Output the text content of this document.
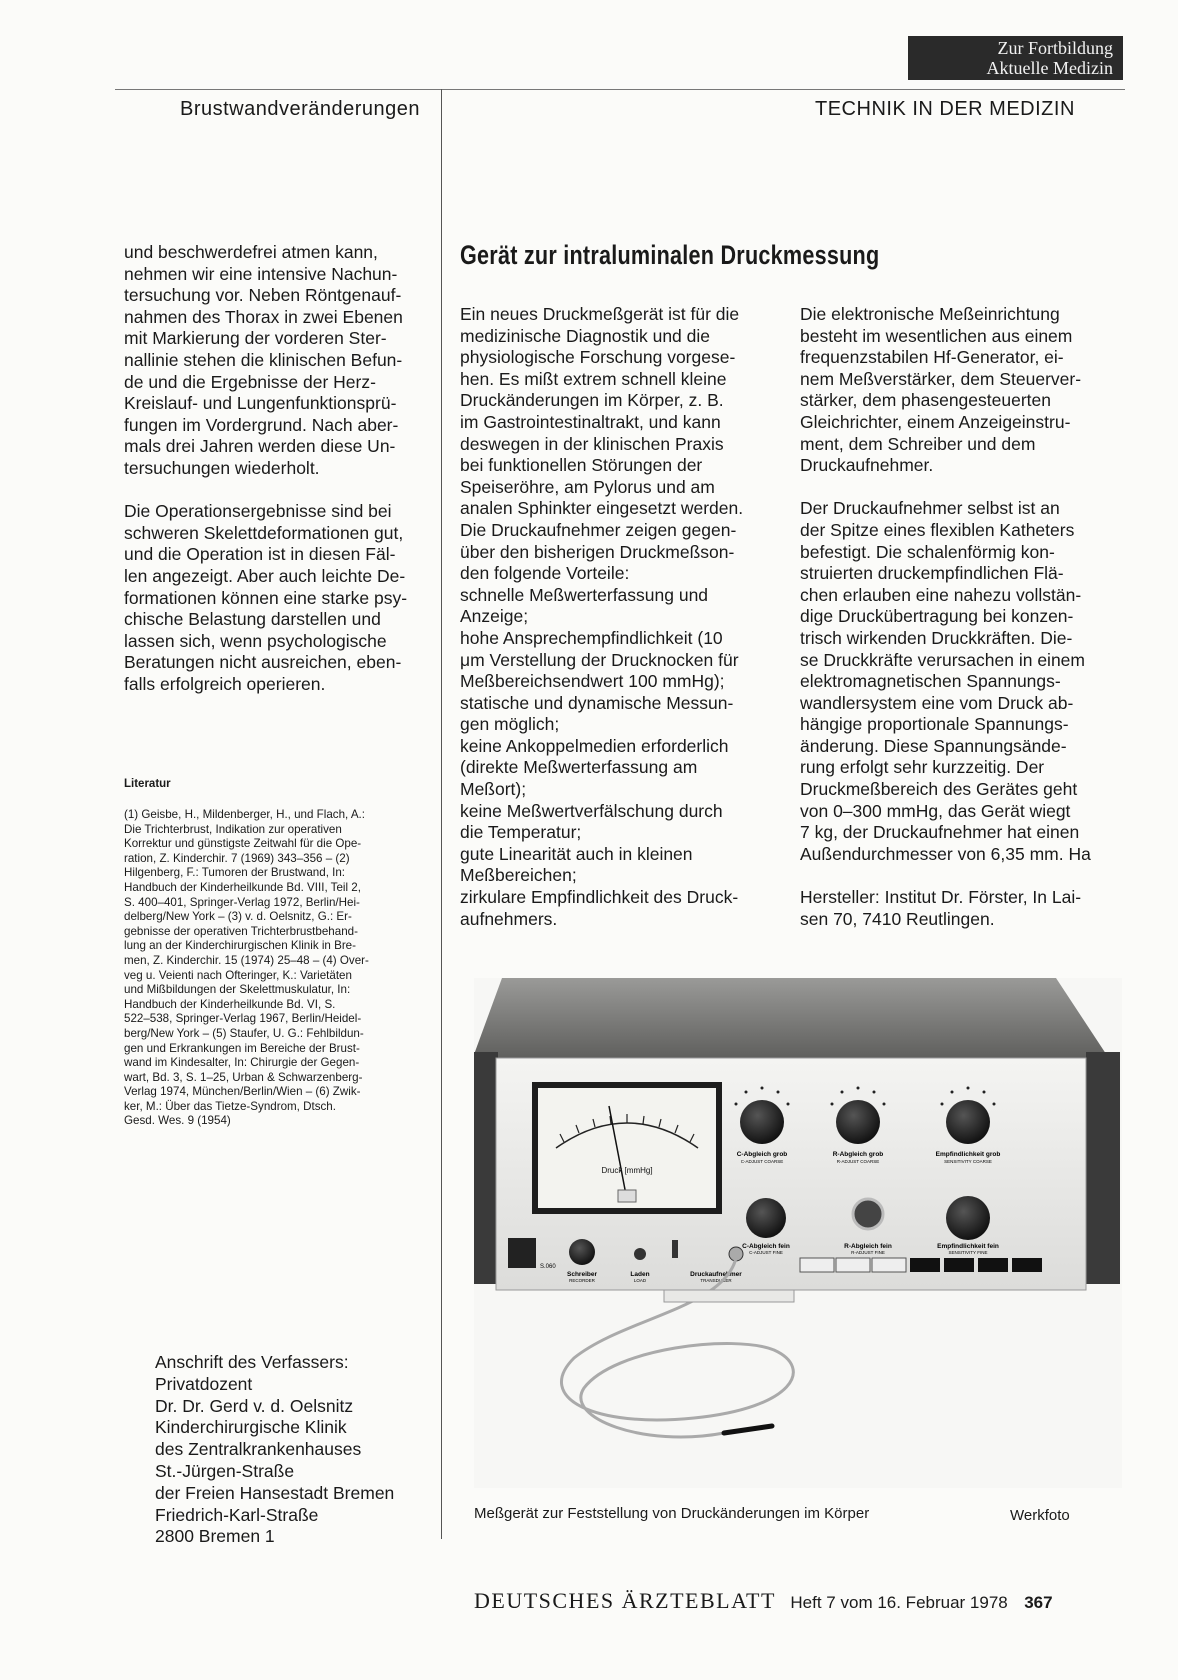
Zur Fortbildung
Aktuelle Medizin
Brustwandveränderungen	TECHNIK IN DER MEDIZIN
und beschwerdefrei atmen kann,
nehmen wir eine intensive Nachun-
tersuchung vor. Neben Röntgenauf-
nahmen des Thorax in zwei Ebenen
mit Markierung der vorderen Ster-
nallinie stehen die klinischen Befun-
de und die Ergebnisse der Herz-
Kreislauf- und Lungenfunktionsprü-
fungen im Vordergrund. Nach aber-
mals drei Jahren werden diese Un-
tersuchungen wiederholt.

Die Operationsergebnisse sind bei
schweren Skelettdeformationen gut,
und die Operation ist in diesen Fäl-
len angezeigt. Aber auch leichte De-
formationen können eine starke psy-
chische Belastung darstellen und
lassen sich, wenn psychologische
Beratungen nicht ausreichen, eben-
falls erfolgreich operieren.
Literatur
(1) Geisbe, H., Mildenberger, H., und Flach, A.:
Die Trichterbrust, Indikation zur operativen
Korrektur und günstigste Zeitwahl für die Ope-
ration, Z. Kinderchir. 7 (1969) 343–356 – (2)
Hilgenberg, F.: Tumoren der Brustwand, In:
Handbuch der Kinderheilkunde Bd. VIII, Teil 2,
S. 400–401, Springer-Verlag 1972, Berlin/Hei-
delberg/New York – (3) v. d. Oelsnitz, G.: Er-
gebnisse der operativen Trichterbrustbehand-
lung an der Kinderchirurgischen Klinik in Bre-
men, Z. Kinderchir. 15 (1974) 25–48 – (4) Over-
veg u. Veienti nach Ofteringer, K.: Varietäten
und Mißbildungen der Skelettmuskulatur, In:
Handbuch der Kinderheilkunde Bd. VI, S.
522–538, Springer-Verlag 1967, Berlin/Heidel-
berg/New York – (5) Staufer, U. G.: Fehlbildun-
gen und Erkrankungen im Bereiche der Brust-
wand im Kindesalter, In: Chirurgie der Gegen-
wart, Bd. 3, S. 1–25, Urban & Schwarzenberg-
Verlag 1974, München/Berlin/Wien – (6) Zwik-
ker, M.: Über das Tietze-Syndrom, Dtsch.
Gesd. Wes. 9 (1954)
Anschrift des Verfassers:
Privatdozent
Dr. Dr. Gerd v. d. Oelsnitz
Kinderchirurgische Klinik
des Zentralkrankenhauses
St.-Jürgen-Straße
der Freien Hansestadt Bremen
Friedrich-Karl-Straße
2800 Bremen 1
Gerät zur intraluminalen Druckmessung
Ein neues Druckmeßgerät ist für die
medizinische Diagnostik und die
physiologische Forschung vorgese-
hen. Es mißt extrem schnell kleine
Druckänderungen im Körper, z. B.
im Gastrointestinaltrakt, und kann
deswegen in der klinischen Praxis
bei funktionellen Störungen der
Speiseröhre, am Pylorus und am
analen Sphinkter eingesetzt werden.
Die Druckaufnehmer zeigen gegen-
über den bisherigen Druckmeßson-
den folgende Vorteile:
schnelle Meßwerterfassung und
Anzeige;
hohe Ansprechempfindlichkeit (10
μm Verstellung der Drucknocken für
Meßbereichsendwert 100 mmHg);
statische und dynamische Messun-
gen möglich;
keine Ankoppelmedien erforderlich
(direkte Meßwerterfassung am
Meßort);
keine Meßwertverfälschung durch
die Temperatur;
gute Linearität auch in kleinen
Meßbereichen;
zirkulare Empfindlichkeit des Druck-
aufnehmers.
Die elektronische Meßeinrichtung
besteht im wesentlichen aus einem
frequenzstabilen Hf-Generator, ei-
nem Meßverstärker, dem Steuerver-
stärker, dem phasengesteuerten
Gleichrichter, einem Anzeigeinstru-
ment, dem Schreiber und dem
Druckaufnehmer.

Der Druckaufnehmer selbst ist an
der Spitze eines flexiblen Katheters
befestigt. Die schalenförmig kon-
struierten druckempfindlichen Flä-
chen erlauben eine nahezu vollstän-
dige Druckübertragung bei konzen-
trisch wirkenden Druckkräften. Die-
se Druckkräfte verursachen in einem
elektromagnetischen Spannungs-
wandlersystem eine vom Druck ab-
hängige proportionale Spannungs-
änderung. Diese Spannungsände-
rung erfolgt sehr kurzzeitig. Der
Druckmeßbereich des Gerätes geht
von 0–300 mmHg, das Gerät wiegt
7 kg, der Druckaufnehmer hat einen
Außendurchmesser von 6,35 mm. Ha

Hersteller: Institut Dr. Förster, In Lai-
sen 70, 7410 Reutlingen.
Druck [mmHg]
C-Abgleich grob
C-ADJUST COARSE
R-Abgleich grob
R-ADJUST COARSE
Empfindlichkeit grob
SENSITIVITY COARSE
C-Abgleich fein
C-ADJUST FINE
R-Abgleich fein
R-ADJUST FINE
Empfindlichkeit fein
SENSITIVITY FINE
S.060
Schreiber
RECORDER
Laden
LOAD
Druckaufnehmer
TRANSDUCER
Meßgerät zur Feststellung von Druckänderungen im Körper	Werkfoto
DEUTSCHES ÄRZTEBLATT Heft 7 vom 16. Februar 1978 367
